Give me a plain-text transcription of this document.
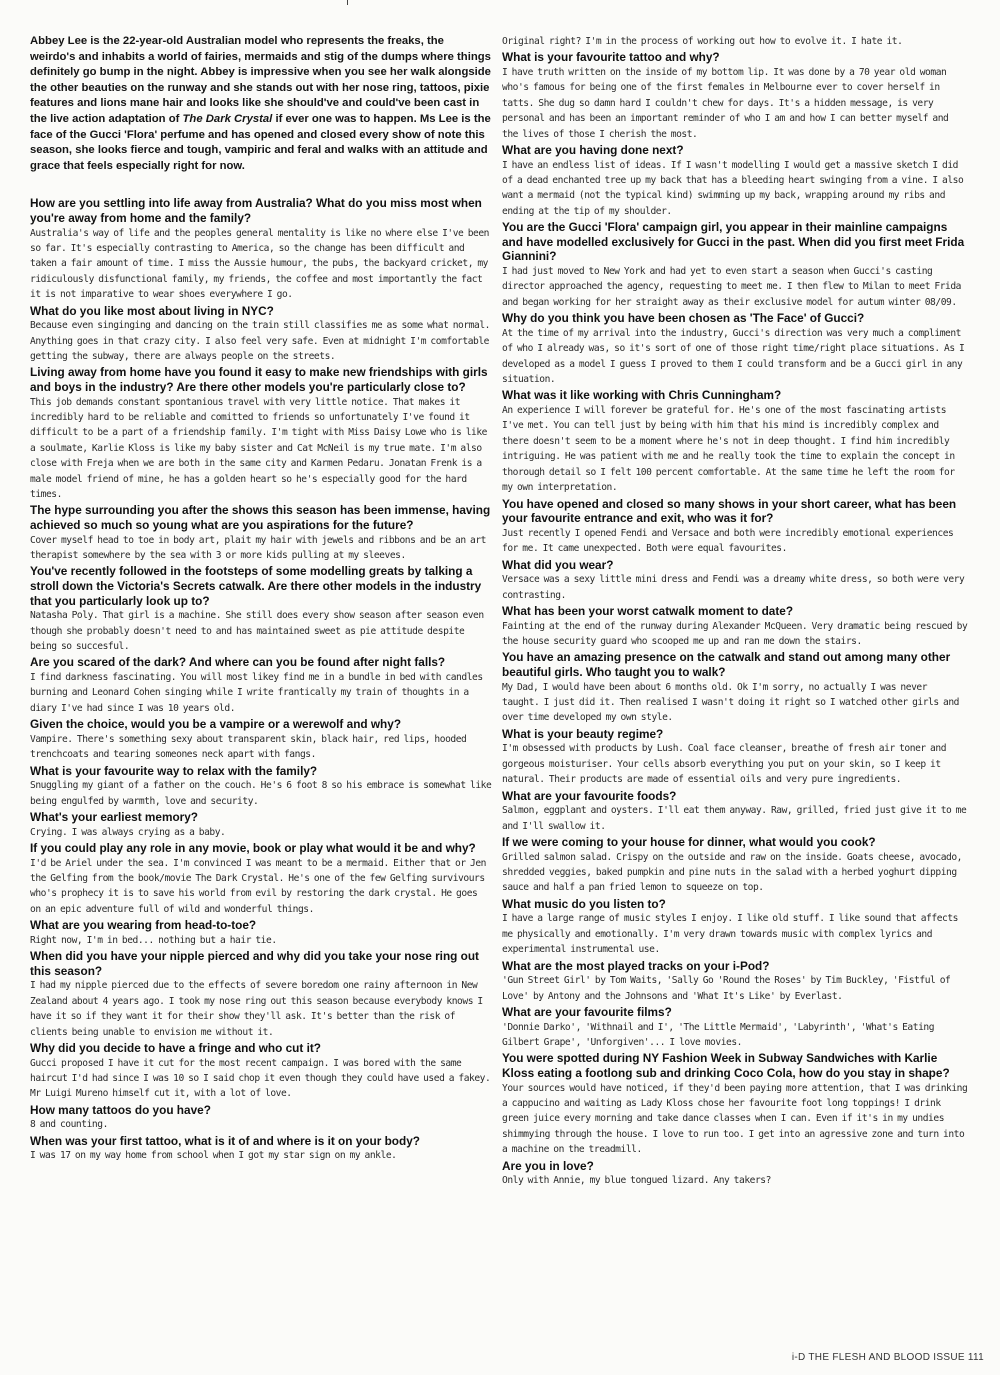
Abbey Lee is the 22-year-old Australian model who represents the freaks, the weirdo's and inhabits a world of fairies, mermaids and stig of the dumps where things definitely go bump in the night. Abbey is impressive when you see her walk alongside the other beauties on the runway and she stands out with her nose ring, tattoos, pixie features and lions mane hair and looks like she should've and could've been cast in the live action adaptation of The Dark Crystal if ever one was to happen. Ms Lee is the face of the Gucci 'Flora' perfume and has opened and closed every show of note this season, she looks fierce and tough, vampiric and feral and walks with an attitude and grace that feels especially right for now.

How are you settling into life away from Australia? What do you miss most when you're away from home and the family?

Australia's way of life and the peoples general mentality is like no where else I've been so far. It's especially contrasting to America, so the change has been difficult and taken a fair amount of time. I miss the Aussie humour, the pubs, the backyard cricket, my ridiculously disfunctional family, my friends, the coffee and most importantly the fact it is not imparative to wear shoes everywhere I go.

What do you like most about living in NYC?

Because even singinging and dancing on the train still classifies me as some what normal. Anything goes in that crazy city. I also feel very safe. Even at midnight I'm comfortable getting the subway, there are always people on the streets.

Living away from home have you found it easy to make new friendships with girls and boys in the industry? Are there other models you're particularly close to?

This job demands constant spontanious travel with very little notice. That makes it incredibly hard to be reliable and comitted to friends so unfortunately I've found it difficult to be a part of a friendship family. I'm tight with Miss Daisy Lowe who is like a soulmate, Karlie Kloss is like my baby sister and Cat McNeil is my true mate. I'm also close with Freja when we are both in the same city and Karmen Pedaru. Jonatan Frenk is a male model friend of mine, he has a golden heart so he's especially good for the hard times.

The hype surrounding you after the shows this season has been immense, having achieved so much so young what are you aspirations for the future?

Cover myself head to toe in body art, plait my hair with jewels and ribbons and be an art therapist somewhere by the sea with 3 or more kids pulling at my sleeves.

You've recently followed in the footsteps of some modelling greats by talking a stroll down the Victoria's Secrets catwalk. Are there other models in the industry that you particularly look up to?

Natasha Poly. That girl is a machine. She still does every show season after season even though she probably doesn't need to and has maintained sweet as pie attitude despite being so succesful.

Are you scared of the dark? And where can you be found after night falls?

I find darkness fascinating. You will most likey find me in a bundle in bed with candles burning and Leonard Cohen singing while I write frantically my train of thoughts in a diary I've had since I was 10 years old.

Given the choice, would you be a vampire or a werewolf and why?

Vampire. There's something sexy about transparent skin, black hair, red lips, hooded trenchcoats and tearing someones neck apart with fangs.

What is your favourite way to relax with the family?

Snuggling my giant of a father on the couch. He's 6 foot 8 so his embrace is somewhat like being engulfed by warmth, love and security.

What's your earliest memory?

Crying. I was always crying as a baby.

If you could play any role in any movie, book or play what would it be and why?

I'd be Ariel under the sea. I'm convinced I was meant to be a mermaid. Either that or Jen the Gelfing from the book/movie The Dark Crystal. He's one of the few Gelfing survivours who's prophecy it is to save his world from evil by restoring the dark crystal. He goes on an epic adventure full of wild and wonderful things.

What are you wearing from head-to-toe?

Right now, I'm in bed... nothing but a hair tie.

When did you have your nipple pierced and why did you take your nose ring out this season?

I had my nipple pierced due to the effects of severe boredom one rainy afternoon in New Zealand about 4 years ago. I took my nose ring out this season because everybody knows I have it so if they want it for their show they'll ask. It's better than the risk of clients being unable to envision me without it.

Why did you decide to have a fringe and who cut it?

Gucci proposed I have it cut for the most recent campaign. I was bored with the same haircut I'd had since I was 10 so I said chop it even though they could have used a fakey. Mr Luigi Mureno himself cut it, with a lot of love.

How many tattoos do you have?

8 and counting.

When was your first tattoo, what is it of and where is it on your body?

I was 17 on my way home from school when I got my star sign on my ankle.

Original right? I'm in the process of working out how to evolve it. I hate it.

What is your favourite tattoo and why?

I have truth written on the inside of my bottom lip. It was done by a 70 year old woman who's famous for being one of the first females in Melbourne ever to cover herself in tatts. She dug so damn hard I couldn't chew for days. It's a hidden message, is very personal and has been an important reminder of who I am and how I can better myself and the lives of those I cherish the most.

What are you having done next?

I have an endless list of ideas. If I wasn't modelling I would get a massive sketch I did of a dead enchanted tree up my back that has a bleeding heart swinging from a vine. I also want a mermaid (not the typical kind) swimming up my back, wrapping around my ribs and ending at the tip of my shoulder.

You are the Gucci 'Flora' campaign girl, you appear in their mainline campaigns and have modelled exclusively for Gucci in the past. When did you first meet Frida Giannini?

I had just moved to New York and had yet to even start a season when Gucci's casting director approached the agency, requesting to meet me. I then flew to Milan to meet Frida and began working for her straight away as their exclusive model for autum winter 08/09.

Why do you think you have been chosen as 'The Face' of Gucci?

At the time of my arrival into the industry, Gucci's direction was very much a compliment of who I already was, so it's sort of one of those right time/right place situations. As I developed as a model I guess I proved to them I could transform and be a Gucci girl in any situation.

What was it like working with Chris Cunningham?

An experience I will forever be grateful for. He's one of the most fascinating artists I've met. You can tell just by being with him that his mind is incredibly complex and there doesn't seem to be a moment where he's not in deep thought. I find him incredibly intriguing. He was patient with me and he really took the time to explain the concept in thorough detail so I felt 100 percent comfortable. At the same time he left the room for my own interpretation.

You have opened and closed so many shows in your short career, what has been your favourite entrance and exit, who was it for?

Just recently I opened Fendi and Versace and both were incredibly emotional experiences for me. It came unexpected. Both were equal favourites.

What did you wear?

Versace was a sexy little mini dress and Fendi was a dreamy white dress, so both were very contrasting.

What has been your worst catwalk moment to date?

Fainting at the end of the runway during Alexander McQueen. Very dramatic being rescued by the house security guard who scooped me up and ran me down the stairs.

You have an amazing presence on the catwalk and stand out among many other beautiful girls. Who taught you to walk?

My Dad, I would have been about 6 months old. Ok I'm sorry, no actually I was never taught. I just did it. Then realised I wasn't doing it right so I watched other girls and over time developed my own style.

What is your beauty regime?

I'm obsessed with products by Lush. Coal face cleanser, breathe of fresh air toner and gorgeous moisturiser. Your cells absorb everything you put on your skin, so I keep it natural. Their products are made of essential oils and very pure ingredients.

What are your favourite foods?

Salmon, eggplant and oysters. I'll eat them anyway. Raw, grilled, fried just give it to me and I'll swallow it.

If we were coming to your house for dinner, what would you cook?

Grilled salmon salad. Crispy on the outside and raw on the inside. Goats cheese, avocado, shredded veggies, baked pumpkin and pine nuts in the salad with a herbed yoghurt dipping sauce and half a pan fried lemon to squeeze on top.

What music do you listen to?

I have a large range of music styles I enjoy. I like old stuff. I like sound that affects me physically and emotionally. I'm very drawn towards music with complex lyrics and experimental instrumental use.

What are the most played tracks on your i-Pod?

'Gun Street Girl' by Tom Waits, 'Sally Go 'Round the Roses' by Tim Buckley, 'Fistful of Love' by Antony and the Johnsons and 'What It's Like' by Everlast.

What are your favourite films?

'Donnie Darko', 'Withnail and I', 'The Little Mermaid', 'Labyrinth', 'What's Eating Gilbert Grape', 'Unforgiven'... I love movies.

You were spotted during NY Fashion Week in Subway Sandwiches with Karlie Kloss eating a footlong sub and drinking Coco Cola, how do you stay in shape?

Your sources would have noticed, if they'd been paying more attention, that I was drinking a cappucino and waiting as Lady Kloss chose her favourite foot long toppings! I drink green juice every morning and take dance classes when I can. Even if it's in my undies shimmying through the house. I love to run too. I get into an agressive zone and turn into a machine on the treadmill.

Are you in love?

Only with Annie, my blue tongued lizard. Any takers?

i-D THE FLESH AND BLOOD ISSUE 111
